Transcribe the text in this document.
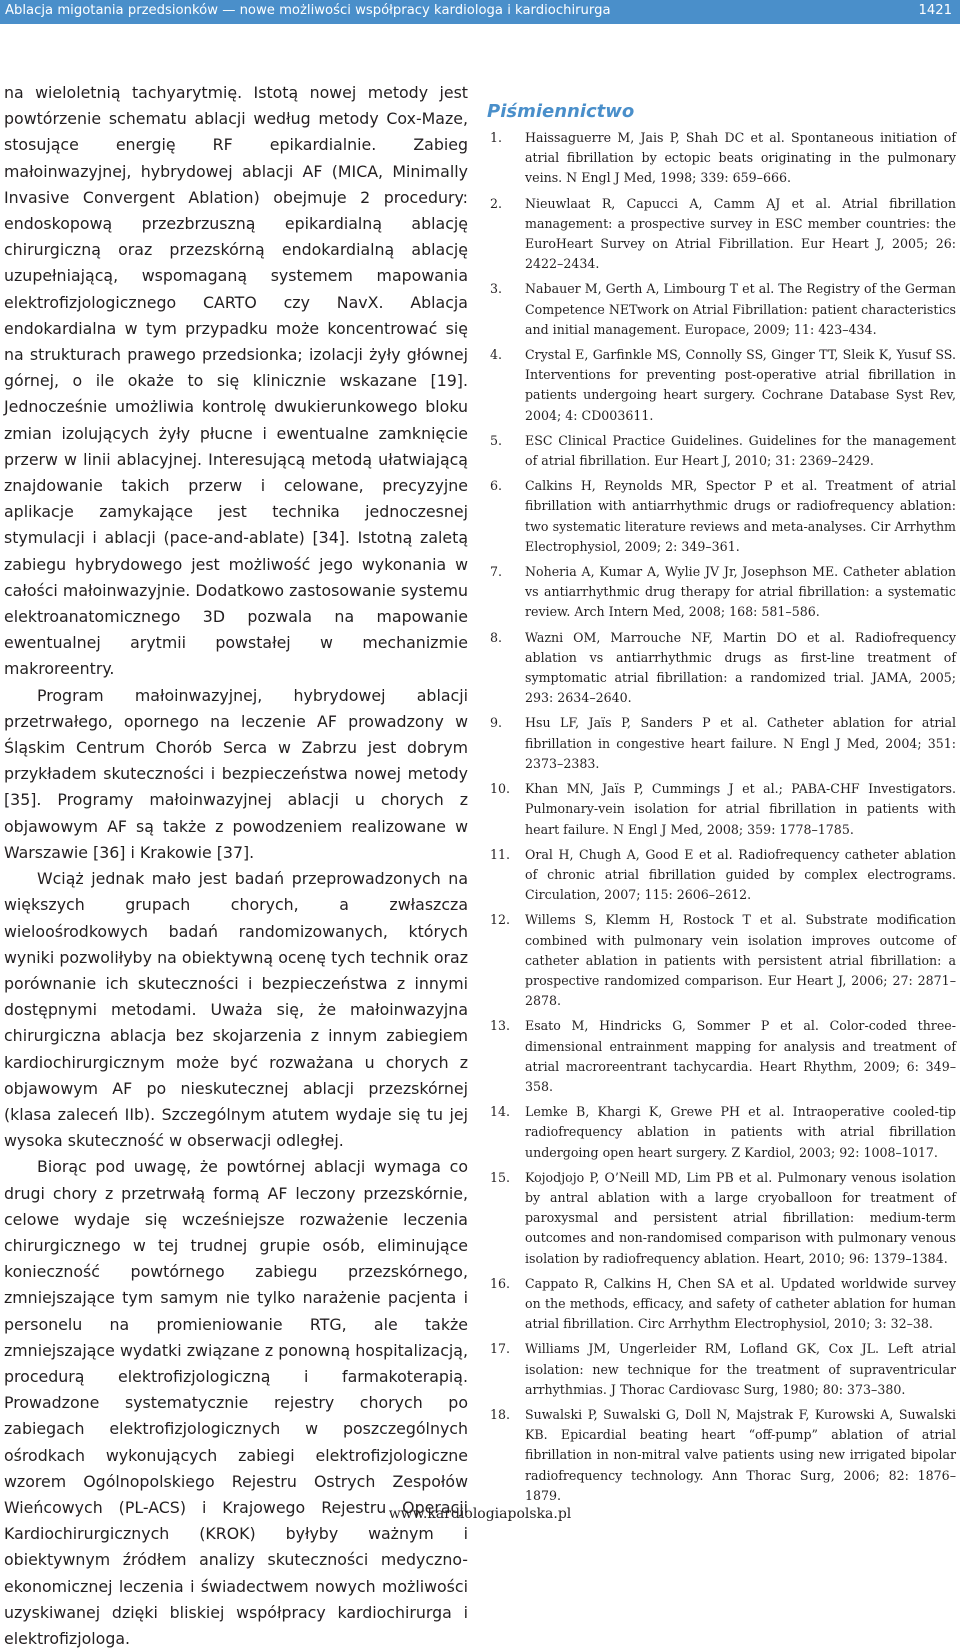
Ablacja migotania przedsionków — nowe możliwości współpracy kardiologa i kardiochirurga	1421

na wieloletnią tachyarytmię. Istotą nowej metody jest powtórzenie schematu ablacji według metody Cox-Maze, stosujące energię RF epikardialnie. Zabieg małoinwazyjnej, hybrydowej ablacji AF (MICA, Minimally Invasive Convergent Ablation) obejmuje 2 procedury: endoskopową przezbrzuszną epikardialną ablację chirurgiczną oraz przezskórną endokardialną ablację uzupełniającą, wspomaganą systemem mapowania elektrofizjologicznego CARTO czy NavX. Ablacja endokardialna w tym przypadku może koncentrować się na strukturach prawego przedsionka; izolacji żyły głównej górnej, o ile okaże to się klinicznie wskazane [19]. Jednocześnie umożliwia kontrolę dwukierunkowego bloku zmian izolujących żyły płucne i ewentualne zamknięcie przerw w linii ablacyjnej. Interesującą metodą ułatwiającą znajdowanie takich przerw i celowane, precyzyjne aplikacje zamykające jest technika jednoczesnej stymulacji i ablacji (pace-and-ablate) [34]. Istotną zaletą zabiegu hybrydowego jest możliwość jego wykonania w całości małoinwazyjnie. Dodatkowo zastosowanie systemu elektroanatomicznego 3D pozwala na mapowanie ewentualnej arytmii powstałej w mechanizmie makroreentry.

Program małoinwazyjnej, hybrydowej ablacji przetrwałego, opornego na leczenie AF prowadzony w Śląskim Centrum Chorób Serca w Zabrzu jest dobrym przykładem skuteczności i bezpieczeństwa nowej metody [35]. Programy małoinwazyjnej ablacji u chorych z objawowym AF są także z powodzeniem realizowane w Warszawie [36] i Krakowie [37].

Wciąż jednak mało jest badań przeprowadzonych na większych grupach chorych, a zwłaszcza wieloośrodkowych badań randomizowanych, których wyniki pozwoliłyby na obiektywną ocenę tych technik oraz porównanie ich skuteczności i bezpieczeństwa z innymi dostępnymi metodami. Uważa się, że małoinwazyjna chirurgiczna ablacja bez skojarzenia z innym zabiegiem kardiochirurgicznym może być rozważana u chorych z objawowym AF po nieskutecznej ablacji przezskórnej (klasa zaleceń IIb). Szczególnym atutem wydaje się tu jej wysoka skuteczność w obserwacji odległej.

Biorąc pod uwagę, że powtórnej ablacji wymaga co drugi chory z przetrwałą formą AF leczony przezskórnie, celowe wydaje się wcześniejsze rozważenie leczenia chirurgicznego w tej trudnej grupie osób, eliminujące konieczność powtórnego zabiegu przezskórnego, zmniejszające tym samym nie tylko narażenie pacjenta i personelu na promieniowanie RTG, ale także zmniejszające wydatki związane z ponowną hospitalizacją, procedurą elektrofizjologiczną i farmakoterapią. Prowadzone systematycznie rejestry chorych po zabiegach elektrofizjologicznych w poszczególnych ośrodkach wykonujących zabiegi elektrofizjologiczne wzorem Ogólnopolskiego Rejestru Ostrych Zespołów Wieńcowych (PL-ACS) i Krajowego Rejestru Operacji Kardiochirurgicznych (KROK) byłyby ważnym i obiektywnym źródłem analizy skuteczności medyczno-ekonomicznej leczenia i świadectwem nowych możliwości uzyskiwanej dzięki bliskiej współpracy kardiochirurga i elektrofizjologa.

Piśmiennictwo
1. Haissaguerre M, Jais P, Shah DC et al. Spontaneous initiation of atrial fibrillation by ectopic beats originating in the pulmonary veins. N Engl J Med, 1998; 339: 659–666.
2. Nieuwlaat R, Capucci A, Camm AJ et al. Atrial fibrillation management: a prospective survey in ESC member countries: the EuroHeart Survey on Atrial Fibrillation. Eur Heart J, 2005; 26: 2422–2434.
3. Nabauer M, Gerth A, Limbourg T et al. The Registry of the German Competence NETwork on Atrial Fibrillation: patient characteristics and initial management. Europace, 2009; 11: 423–434.
4. Crystal E, Garfinkle MS, Connolly SS, Ginger TT, Sleik K, Yusuf SS. Interventions for preventing post-operative atrial fibrillation in patients undergoing heart surgery. Cochrane Database Syst Rev, 2004; 4: CD003611.
5. ESC Clinical Practice Guidelines. Guidelines for the management of atrial fibrillation. Eur Heart J, 2010; 31: 2369–2429.
6. Calkins H, Reynolds MR, Spector P et al. Treatment of atrial fibrillation with antiarrhythmic drugs or radiofrequency ablation: two systematic literature reviews and meta-analyses. Cir Arrhythm Electrophysiol, 2009; 2: 349–361.
7. Noheria A, Kumar A, Wylie JV Jr, Josephson ME. Catheter ablation vs antiarrhythmic drug therapy for atrial fibrillation: a systematic review. Arch Intern Med, 2008; 168: 581–586.
8. Wazni OM, Marrouche NF, Martin DO et al. Radiofrequency ablation vs antiarrhythmic drugs as first-line treatment of symptomatic atrial fibrillation: a randomized trial. JAMA, 2005; 293: 2634–2640.
9. Hsu LF, Jaïs P, Sanders P et al. Catheter ablation for atrial fibrillation in congestive heart failure. N Engl J Med, 2004; 351: 2373–2383.
10. Khan MN, Jaïs P, Cummings J et al.; PABA-CHF Investigators. Pulmonary-vein isolation for atrial fibrillation in patients with heart failure. N Engl J Med, 2008; 359: 1778–1785.
11. Oral H, Chugh A, Good E et al. Radiofrequency catheter ablation of chronic atrial fibrillation guided by complex electrograms. Circulation, 2007; 115: 2606–2612.
12. Willems S, Klemm H, Rostock T et al. Substrate modification combined with pulmonary vein isolation improves outcome of catheter ablation in patients with persistent atrial fibrillation: a prospective randomized comparison. Eur Heart J, 2006; 27: 2871–2878.
13. Esato M, Hindricks G, Sommer P et al. Color-coded three-dimensional entrainment mapping for analysis and treatment of atrial macroreentrant tachycardia. Heart Rhythm, 2009; 6: 349–358.
14. Lemke B, Khargi K, Grewe PH et al. Intraoperative cooled-tip radiofrequency ablation in patients with atrial fibrillation undergoing open heart surgery. Z Kardiol, 2003; 92: 1008–1017.
15. Kojodjojo P, O’Neill MD, Lim PB et al. Pulmonary venous isolation by antral ablation with a large cryoballoon for treatment of paroxysmal and persistent atrial fibrillation: medium-term outcomes and non-randomised comparison with pulmonary venous isolation by radiofrequency ablation. Heart, 2010; 96: 1379–1384.
16. Cappato R, Calkins H, Chen SA et al. Updated worldwide survey on the methods, efficacy, and safety of catheter ablation for human atrial fibrillation. Circ Arrhythm Electrophysiol, 2010; 3: 32–38.
17. Williams JM, Ungerleider RM, Lofland GK, Cox JL. Left atrial isolation: new technique for the treatment of supraventricular arrhythmias. J Thorac Cardiovasc Surg, 1980; 80: 373–380.
18. Suwalski P, Suwalski G, Doll N, Majstrak F, Kurowski A, Suwalski KB. Epicardial beating heart “off-pump” ablation of atrial fibrillation in non-mitral valve patients using new irrigated bipolar radiofrequency technology. Ann Thorac Surg, 2006; 82: 1876–1879.
www.kardiologiapolska.pl
